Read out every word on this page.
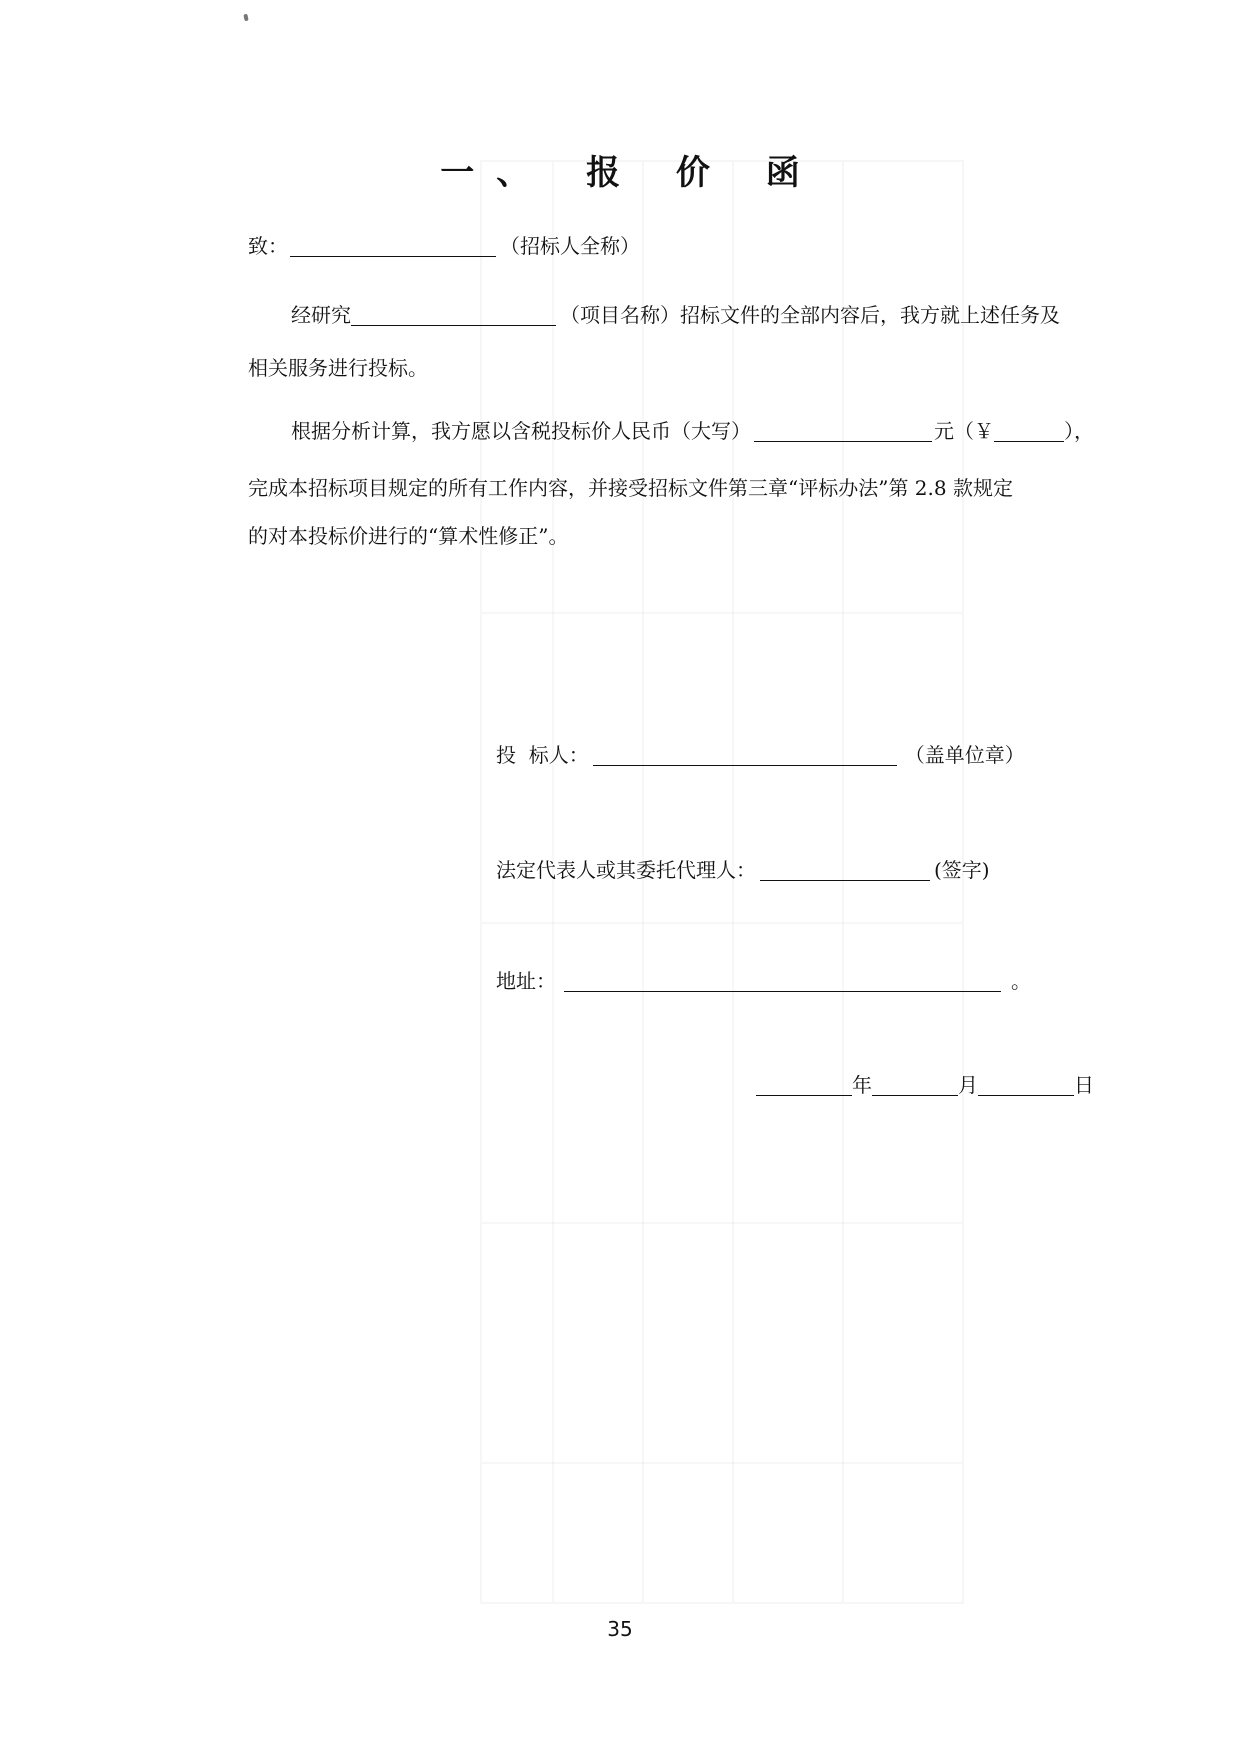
一、 报 价 函
致：	（招标人全称）
经研究	（项目名称）招标文件的全部内容后，我方就上述任务及
相关服务进行投标。
根据分析计算，我方愿以含税投标价人民币（大写）	元（￥	），
完成本招标项目规定的所有工作内容，并接受招标文件第三章“评标办法”第 2.8 款规定
的对本投标价进行的“算术性修正”。
投  标人：	（盖单位章）
法定代表人或其委托代理人：	(签字)
地址：	。
年	月	日
35
